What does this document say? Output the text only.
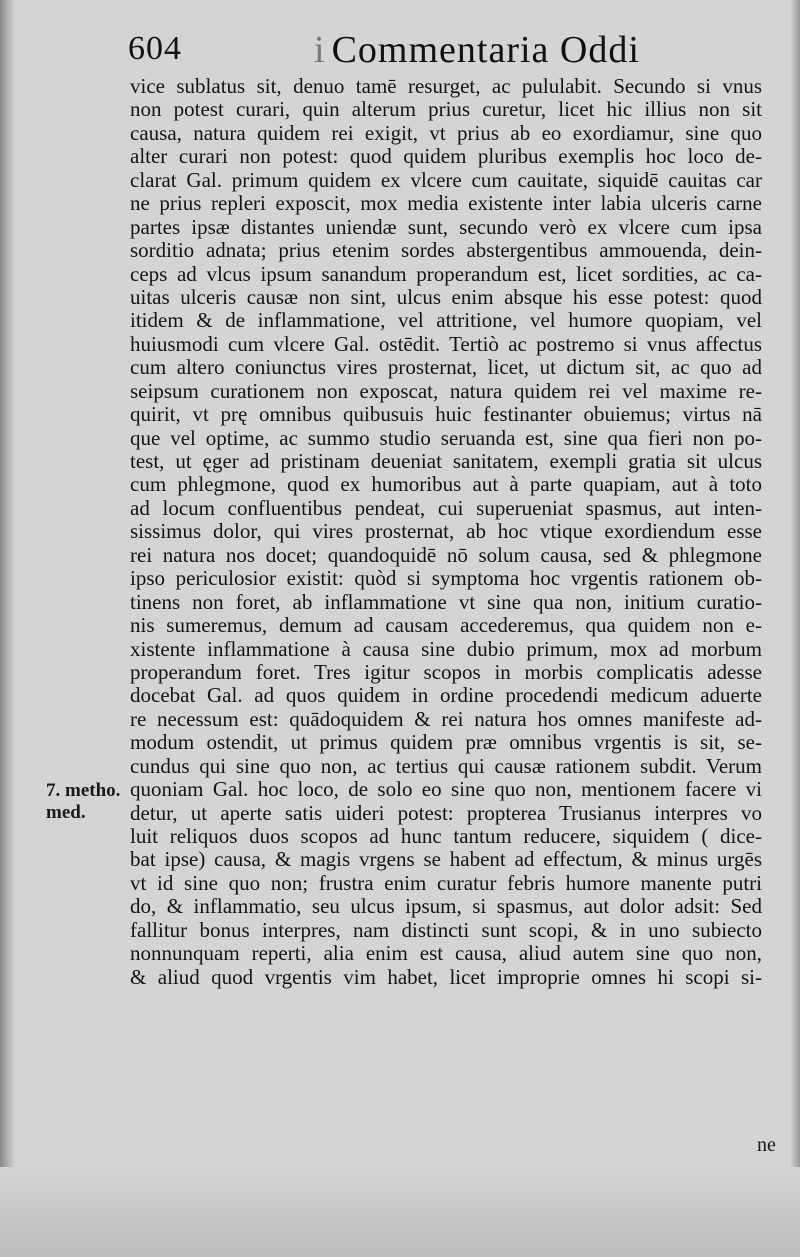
604	i Commentaria Oddi
vice sublatus sit, denuo tamē resurget, ac pululabit. Secundo si vnus
non potest curari, quin alterum prius curetur, licet hic illius non sit
causa, natura quidem rei exigit, vt prius ab eo exordiamur, sine quo
alter curari non potest: quod quidem pluribus exemplis hoc loco de-
clarat Gal. primum quidem ex vlcere cum cauitate, siquidē cauitas car
ne prius repleri exposcit, mox media existente inter labia ulceris carne
partes ipsæ distantes uniendæ sunt, secundo verò ex vlcere cum ipsa
sorditio adnata; prius etenim sordes abstergentibus ammouenda, dein-
ceps ad vlcus ipsum sanandum properandum est, licet sordities, ac ca-
uitas ulceris causæ non sint, ulcus enim absque his esse potest: quod
itidem & de inflammatione, vel attritione, vel humore quopiam, vel
huiusmodi cum vlcere Gal. ostēdit. Tertiò ac postremo si vnus affectus
cum altero coniunctus vires prosternat, licet, ut dictum sit, ac quo ad
seipsum curationem non exposcat, natura quidem rei vel maxime re-
quirit, vt prę omnibus quibusuis huic festinanter obuiemus; virtus nā
que vel optime, ac summo studio seruanda est, sine qua fieri non po-
test, ut ęger ad pristinam deueniat sanitatem, exempli gratia sit ulcus
cum phlegmone, quod ex humoribus aut à parte quapiam, aut à toto
ad locum confluentibus pendeat, cui superueniat spasmus, aut inten-
sissimus dolor, qui vires prosternat, ab hoc vtique exordiendum esse
rei natura nos docet; quandoquidē nō solum causa, sed & phlegmone
ipso periculosior existit: quòd si symptoma hoc vrgentis rationem ob-
tinens non foret, ab inflammatione vt sine qua non, initium curatio-
nis sumeremus, demum ad causam accederemus, qua quidem non e-
xistente inflammatione à causa sine dubio primum, mox ad morbum
properandum foret. Tres igitur scopos in morbis complicatis adesse
docebat Gal. ad quos quidem in ordine procedendi medicum aduerte
re necessum est: quādoquidem & rei natura hos omnes manifeste ad-
modum ostendit, ut primus quidem præ omnibus vrgentis is sit, se-
cundus qui sine quo non, ac tertius qui causæ rationem subdit. Verum
quoniam Gal. hoc loco, de solo eo sine quo non, mentionem facere vi
detur, ut aperte satis uideri potest: propterea Trusianus interpres vo
luit reliquos duos scopos ad hunc tantum reducere, siquidem ( dice-
bat ipse) causa, & magis vrgens se habent ad effectum, & minus urgēs
vt id sine quo non; frustra enim curatur febris humore manente putri
do, & inflammatio, seu ulcus ipsum, si spasmus, aut dolor adsit: Sed
fallitur bonus interpres, nam distincti sunt scopi, & in uno subiecto
nonnunquam reperti, alia enim est causa, aliud autem sine quo non,
& aliud quod vrgentis vim habet, licet improprie omnes hi scopi si-
7. metho.
med.
ne
